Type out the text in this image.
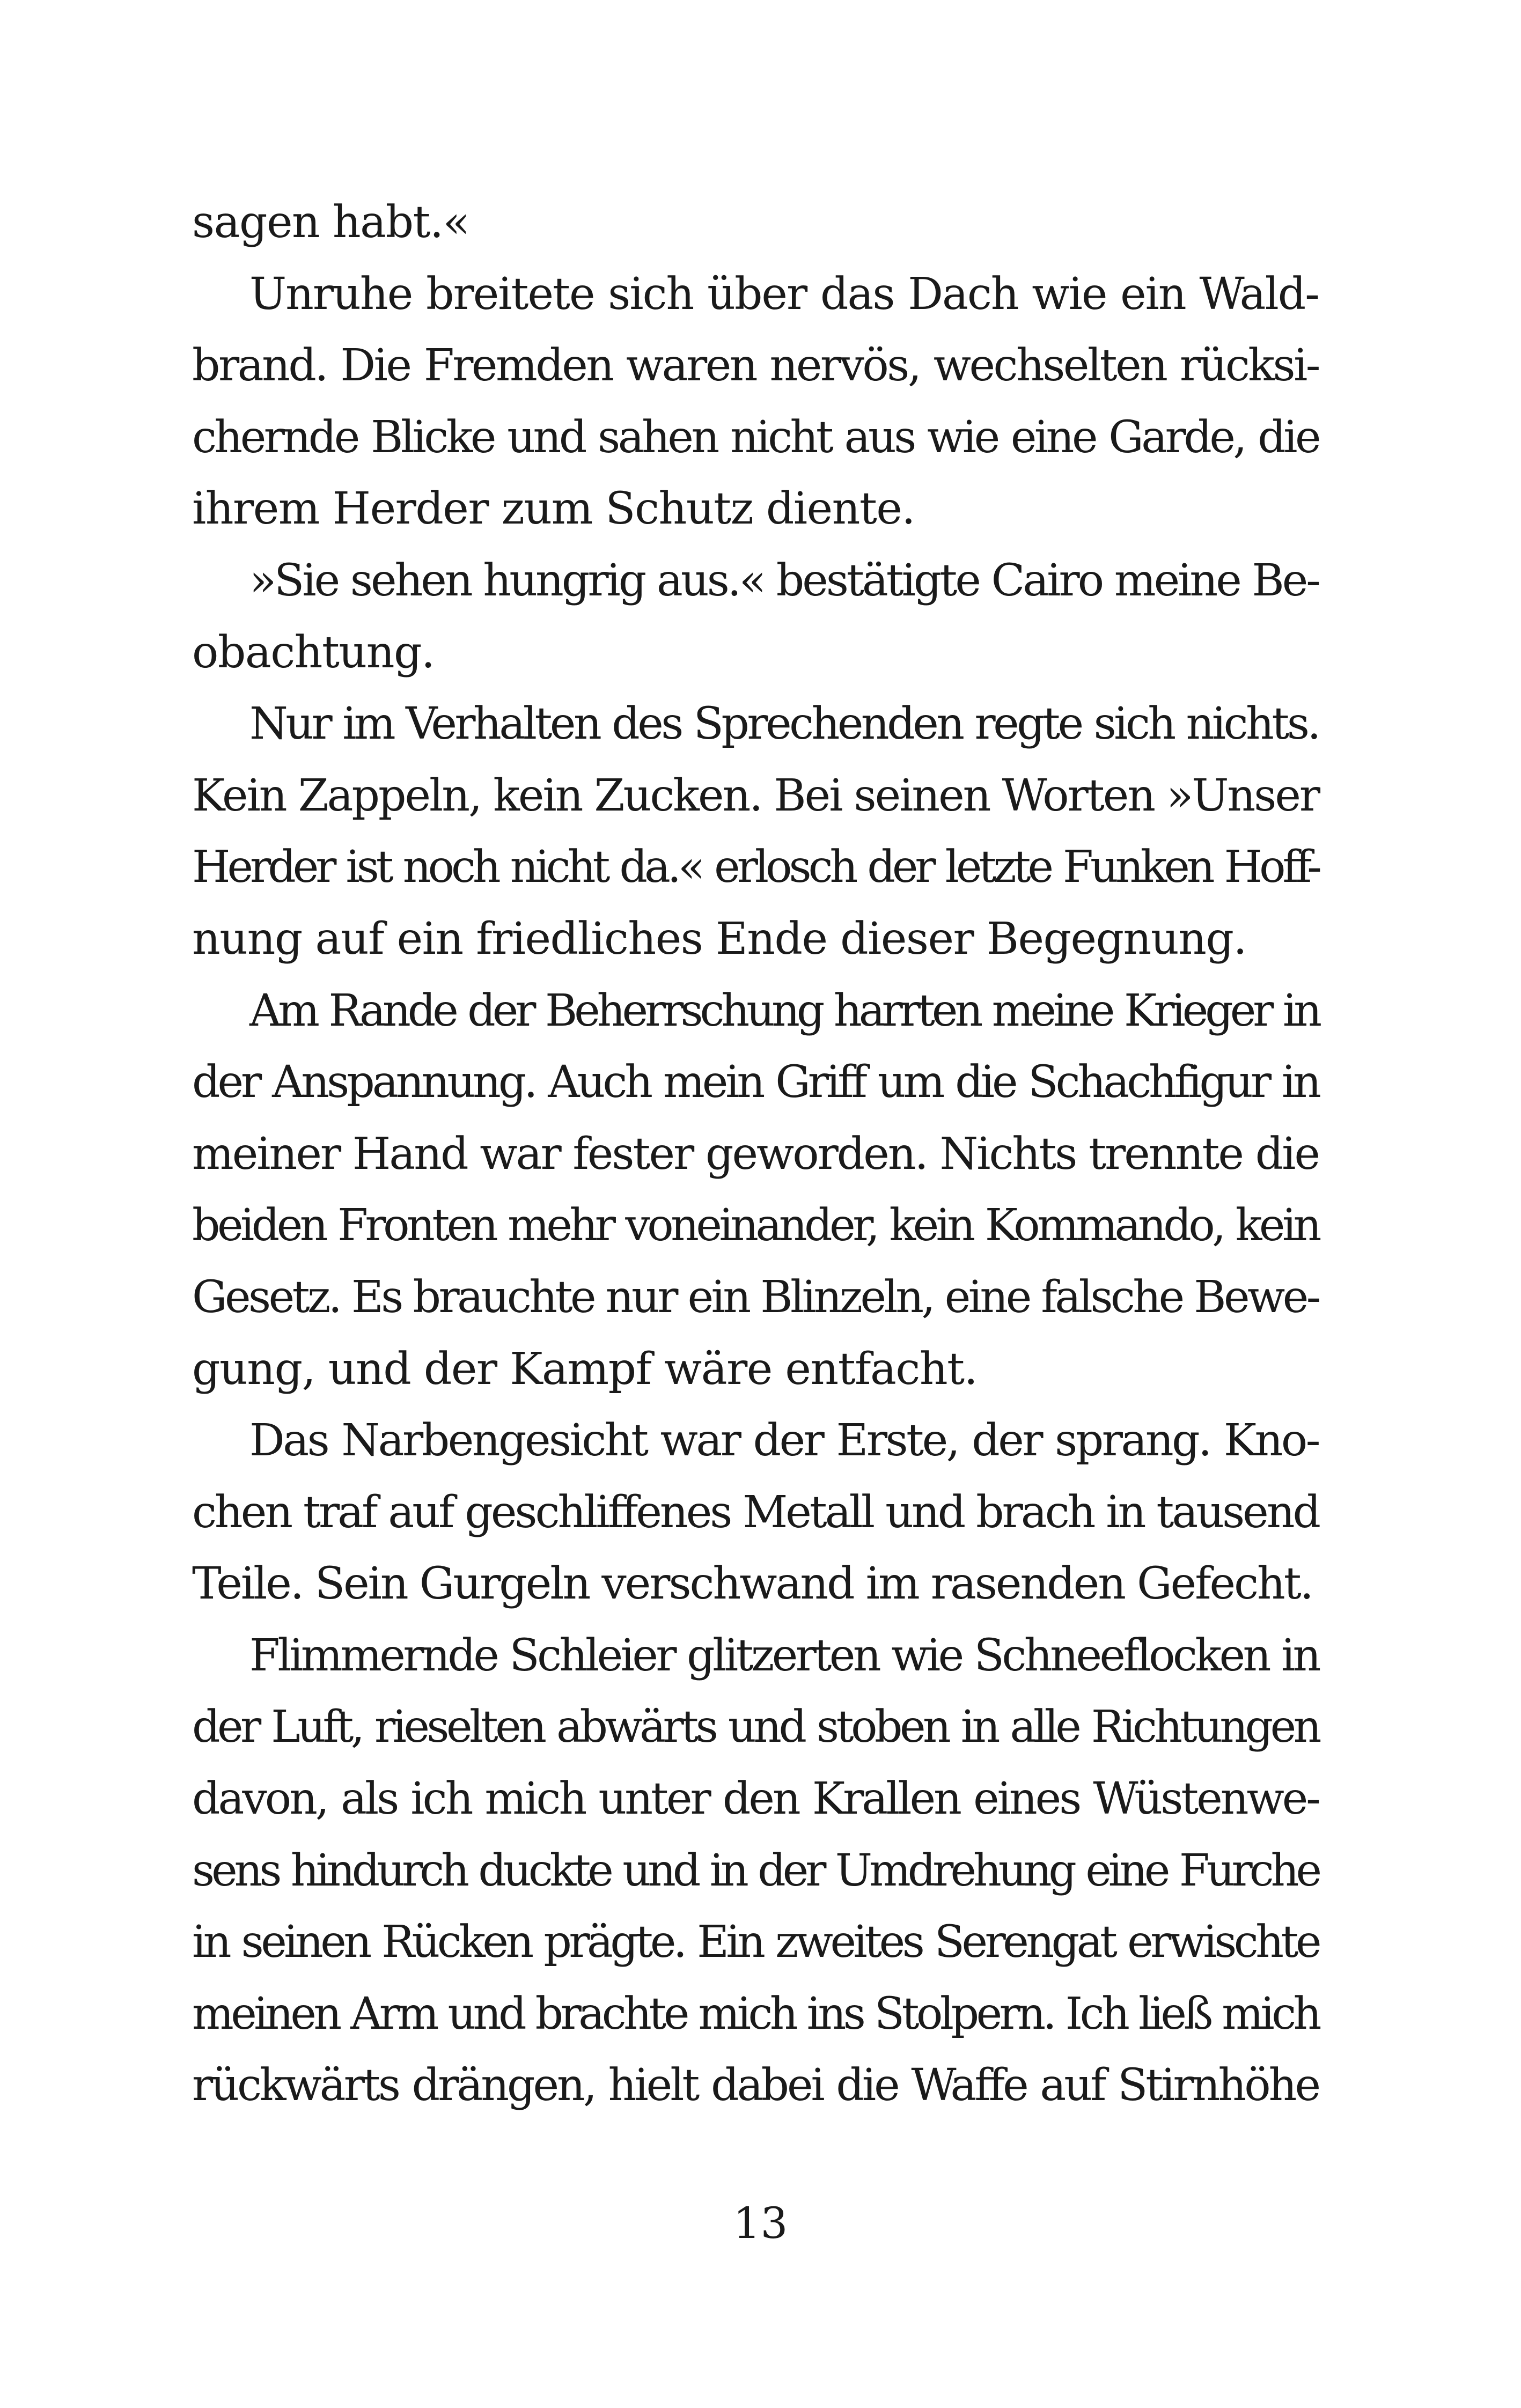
sagen habt.«
Unruhe breitete sich über das Dach wie ein Wald-
brand. Die Fremden waren nervös, wechselten rücksi-
chernde Blicke und sahen nicht aus wie eine Garde, die
ihrem Herder zum Schutz diente.
»Sie sehen hungrig aus.« bestätigte Cairo meine Be-
obachtung.
Nur im Verhalten des Sprechenden regte sich nichts.
Kein Zappeln, kein Zucken. Bei seinen Worten »Unser
Herder ist noch nicht da.« erlosch der letzte Funken Hoff-
nung auf ein friedliches Ende dieser Begegnung.
Am Rande der Beherrschung harrten meine Krieger in
der Anspannung. Auch mein Griff um die Schachfigur in
meiner Hand war fester geworden. Nichts trennte die
beiden Fronten mehr voneinander, kein Kommando, kein
Gesetz. Es brauchte nur ein Blinzeln, eine falsche Bewe-
gung, und der Kampf wäre entfacht.
Das Narbengesicht war der Erste, der sprang. Kno-
chen traf auf geschliffenes Metall und brach in tausend
Teile. Sein Gurgeln verschwand im rasenden Gefecht.
Flimmernde Schleier glitzerten wie Schneeflocken in
der Luft, rieselten abwärts und stoben in alle Richtungen
davon, als ich mich unter den Krallen eines Wüstenwe-
sens hindurch duckte und in der Umdrehung eine Furche
in seinen Rücken prägte. Ein zweites Serengat erwischte
meinen Arm und brachte mich ins Stolpern. Ich ließ mich
rückwärts drängen, hielt dabei die Waffe auf Stirnhöhe
13
